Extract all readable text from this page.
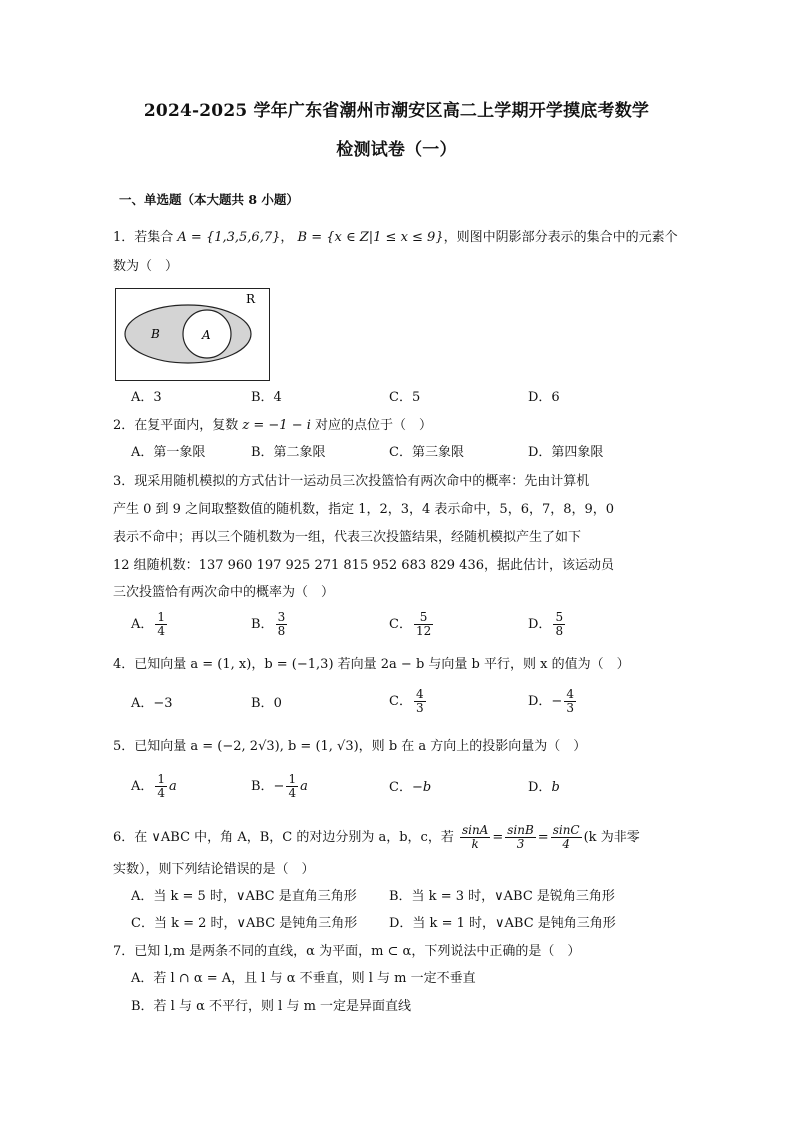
2024-2025 学年广东省潮州市潮安区高二上学期开学摸底考数学
检测试卷（一）
一、单选题（本大题共 8 小题）
1．若集合 A = {1,3,5,6,7}， B = {x ∈ Z|1 ≤ x ≤ 9}，则图中阴影部分表示的集合中的元素个
数为（　）
R
B	A
A．3	B．4	C．5	D．6
2．在复平面内，复数 z = −1 − i 对应的点位于（　）
A．第一象限	B．第二象限	C．第三象限	D．第四象限
3．现采用随机模拟的方式估计一运动员三次投篮恰有两次命中的概率：先由计算机
产生 0 到 9 之间取整数值的随机数，指定 1，2，3，4 表示命中，5，6，7，8，9，0
表示不命中；再以三个随机数为一组，代表三次投篮结果，经随机模拟产生了如下
12 组随机数：137 960 197 925 271 815 952 683 829 436，据此估计，该运动员
三次投篮恰有两次命中的概率为（　）
A． $\frac{1}{4}$	B． $\frac{3}{8}$	C． $\frac{5}{12}$	D． $\frac{5}{8}$
4．已知向量 a = (1, x)，b = (−1,3) 若向量 2a − b 与向量 b 平行，则 x 的值为（　）
A．−3	B．0	C． $\frac{4}{3}$	D．− $\frac{4}{3}$
5．已知向量 a = (−2, 2√3), b = (1, √3)，则 b 在 a 方向上的投影向量为（　）
A． $\frac{1}{4}$ a	B．− $\frac{1}{4}$ a	C．−b	D．b
6．在 ∨ABC 中，角 A，B，C 的对边分别为 a，b，c，若 $\frac{\sin A}{k} = \frac{\sin B}{3} = \frac{\sin C}{4} (k$ 为非零
实数），则下列结论错误的是（　）
A．当 k = 5 时，∨ABC 是直角三角形 B．当 k = 3 时，∨ABC 是锐角三角形
C．当 k = 2 时，∨ABC 是钝角三角形 D．当 k = 1 时，∨ABC 是钝角三角形
7．已知 l,m 是两条不同的直线，α 为平面，m ⊂ α，下列说法中正确的是（　）
A．若 l ∩ α = A，且 l 与 α 不垂直，则 l 与 m 一定不垂直
B．若 l 与 α 不平行，则 l 与 m 一定是异面直线
